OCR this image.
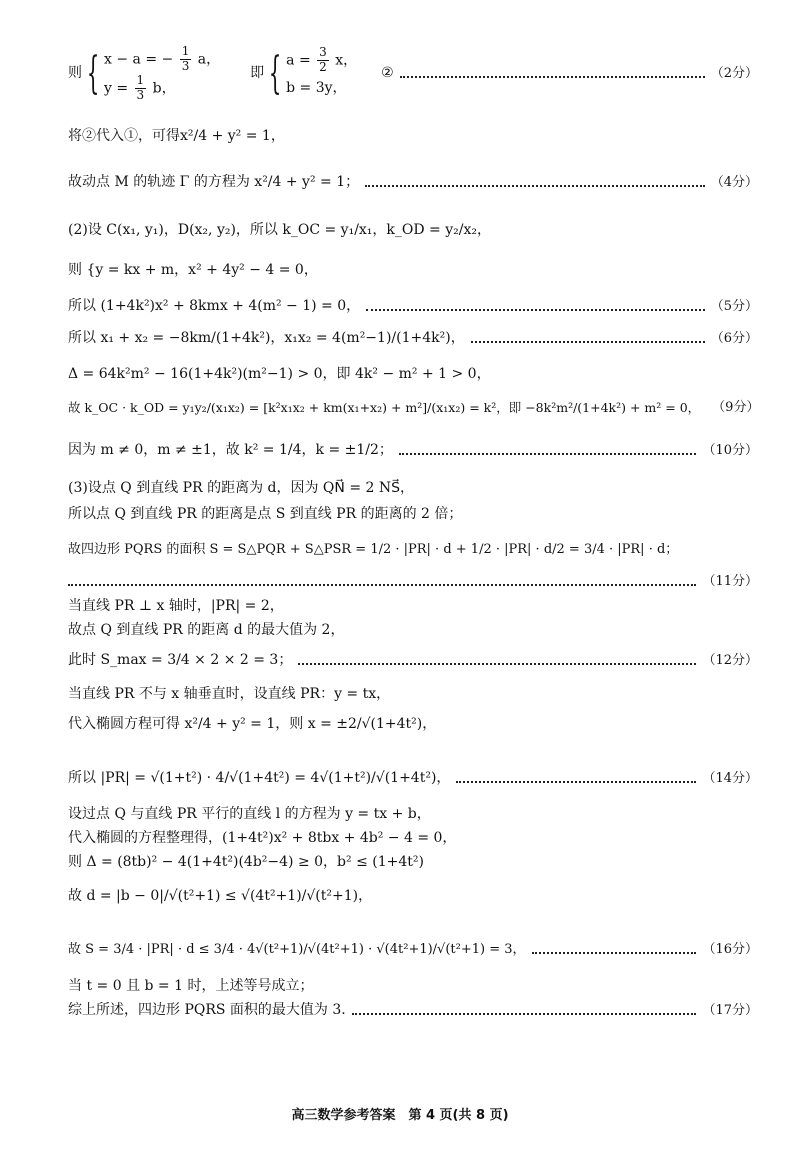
则 { x − a = − $\frac{1}{3}$ a，
$y = \frac{1}{3}$ b，
即 { $a = \frac{3}{2}$ x，
b = 3y，
②	（2分）
将②代入①，可得x²/4 + y² = 1，
故动点 M 的轨迹 Γ 的方程为 x²/4 + y² = 1；	（4分）
(2)设 C(x₁, y₁)，D(x₂, y₂)，所以 k_OC = y₁/x₁，k_OD = y₂/x₂，
则 {y = kx + m，x² + 4y² − 4 = 0，
所以 (1+4k²)x² + 8kmx + 4(m² − 1) = 0，	（5分）
所以 x₁ + x₂ = −8km/(1+4k²)，x₁x₂ = 4(m²−1)/(1+4k²)，	（6分）
Δ = 64k²m² − 16(1+4k²)(m²−1) > 0，即 4k² − m² + 1 > 0，
故 k_OC · k_OD = y₁y₂/(x₁x₂) = [k²x₁x₂ + km(x₁+x₂) + m²]/(x₁x₂) = k²，即 −8k²m²/(1+4k²) + m² = 0， （9分）
因为 m ≠ 0，m ≠ ±1，故 k² = 1/4，k = ±1/2；	（10分）
(3)设点 Q 到直线 PR 的距离为 d，因为 QN⃗ = 2 NS⃗，
所以点 Q 到直线 PR 的距离是点 S 到直线 PR 的距离的 2 倍；
故四边形 PQRS 的面积 S = S△PQR + S△PSR = 1/2 · |PR| · d + 1/2 · |PR| · d/2 = 3/4 · |PR| · d；
（11分）
当直线 PR ⊥ x 轴时，|PR| = 2，
故点 Q 到直线 PR 的距离 d 的最大值为 2，
此时 S_max = 3/4 × 2 × 2 = 3；	（12分）
当直线 PR 不与 x 轴垂直时，设直线 PR：y = tx，
代入椭圆方程可得 x²/4 + y² = 1，则 x = ±2/√(1+4t²)，
所以 |PR| = √(1+t²) · 4/√(1+4t²) = 4√(1+t²)/√(1+4t²)，	（14分）
设过点 Q 与直线 PR 平行的直线 l 的方程为 y = tx + b，
代入椭圆的方程整理得，(1+4t²)x² + 8tbx + 4b² − 4 = 0，
则 Δ = (8tb)² − 4(1+4t²)(4b²−4) ≥ 0，b² ≤ (1+4t²)
故 d = |b − 0|/√(t²+1) ≤ √(4t²+1)/√(t²+1)，
故 S = 3/4 · |PR| · d ≤ 3/4 · 4√(t²+1)/√(4t²+1) · √(4t²+1)/√(t²+1) = 3，	（16分）
当 t = 0 且 b = 1 时，上述等号成立；
综上所述，四边形 PQRS 面积的最大值为 3.	（17分）
高三数学参考答案　第 4 页(共 8 页)
